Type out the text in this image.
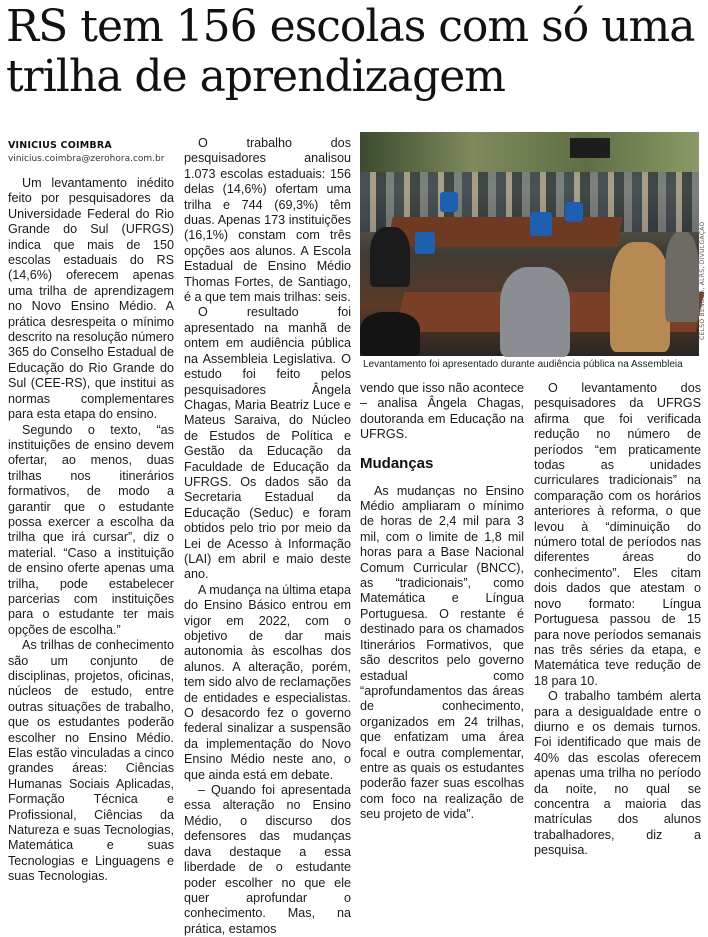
RS tem 156 escolas com só uma trilha de aprendizagem
VINICIUS COIMBRA
vinicius.coimbra@zerohora.com.br

Um levantamento inédito feito por pesquisadores da Universidade Federal do Rio Grande do Sul (UFRGS) indica que mais de 150 escolas estaduais do RS (14,6%) oferecem apenas uma trilha de aprendizagem no Novo Ensino Médio. A prática desrespeita o mínimo descrito na resolução número 365 do Conselho Estadual de Educação do Rio Grande do Sul (CEE-RS), que institui as normas complementares para esta etapa do ensino.

Segundo o texto, “as instituições de ensino devem ofertar, ao menos, duas trilhas nos itinerários formativos, de modo a garantir que o estudante possa exercer a escolha da trilha que irá cursar”, diz o material. “Caso a instituição de ensino oferte apenas uma trilha, pode estabelecer parcerias com instituições para o estudante ter mais opções de escolha.”

As trilhas de conhecimento são um conjunto de disciplinas, projetos, oficinas, núcleos de estudo, entre outras situações de trabalho, que os estudantes poderão escolher no Ensino Médio. Elas estão vinculadas a cinco grandes áreas: Ciências Humanas Sociais Aplicadas, Formação Técnica e Profissional, Ciências da Natureza e suas Tecnologias, Matemática e suas Tecnologias e Linguagens e suas Tecnologias.

O trabalho dos pesquisadores analisou 1.073 escolas estaduais: 156 delas (14,6%) ofertam uma trilha e 744 (69,3%) têm duas. Apenas 173 instituições (16,1%) constam com três opções aos alunos. A Escola Estadual de Ensino Médio Thomas Fortes, de Santiago, é a que tem mais trilhas: seis.

O resultado foi apresentado na manhã de ontem em audiência pública na Assembleia Legislativa. O estudo foi feito pelos pesquisadores Ângela Chagas, Maria Beatriz Luce e Mateus Saraiva, do Núcleo de Estudos de Política e Gestão da Educação da Faculdade de Educação da UFRGS. Os dados são da Secretaria Estadual da Educação (Seduc) e foram obtidos pelo trio por meio da Lei de Acesso à Informação (LAI) em abril e maio deste ano.

A mudança na última etapa do Ensino Básico entrou em vigor em 2022, com o objetivo de dar mais autonomia às escolhas dos alunos. A alteração, porém, tem sido alvo de reclamações de entidades e especialistas. O desacordo fez o governo federal sinalizar a suspensão da implementação do Novo Ensino Médio neste ano, o que ainda está em debate.

– Quando foi apresentada essa alteração no Ensino Médio, o discurso dos defensores das mudanças dava destaque a essa liberdade de o estudante poder escolher no que ele quer aprofundar o conhecimento. Mas, na prática, estamos

CELSO BENDER, ALRS, DIVULGAÇÃO
Levantamento foi apresentado durante audiência pública na Assembleia

vendo que isso não acontece – analisa Ângela Chagas, doutoranda em Educação na UFRGS.

Mudanças

As mudanças no Ensino Médio ampliaram o mínimo de horas de 2,4 mil para 3 mil, com o limite de 1,8 mil horas para a Base Nacional Comum Curricular (BNCC), as “tradicionais”, como Matemática e Língua Portuguesa. O restante é destinado para os chamados Itinerários Formativos, que são descritos pelo governo estadual como “aprofundamentos das áreas de conhecimento, organizados em 24 trilhas, que enfatizam uma área focal e outra complementar, entre as quais os estudantes poderão fazer suas escolhas com foco na realização de seu projeto de vida”.

O levantamento dos pesquisadores da UFRGS afirma que foi verificada redução no número de períodos “em praticamente todas as unidades curriculares tradicionais” na comparação com os horários anteriores à reforma, o que levou à “diminuição do número total de períodos nas diferentes áreas do conhecimento”. Eles citam dois dados que atestam o novo formato: Língua Portuguesa passou de 15 para nove períodos semanais nas três séries da etapa, e Matemática teve redução de 18 para 10.

O trabalho também alerta para a desigualdade entre o diurno e os demais turnos. Foi identificado que mais de 40% das escolas oferecem apenas uma trilha no período da noite, no qual se concentra a maioria das matrículas dos alunos trabalhadores, diz a pesquisa.
